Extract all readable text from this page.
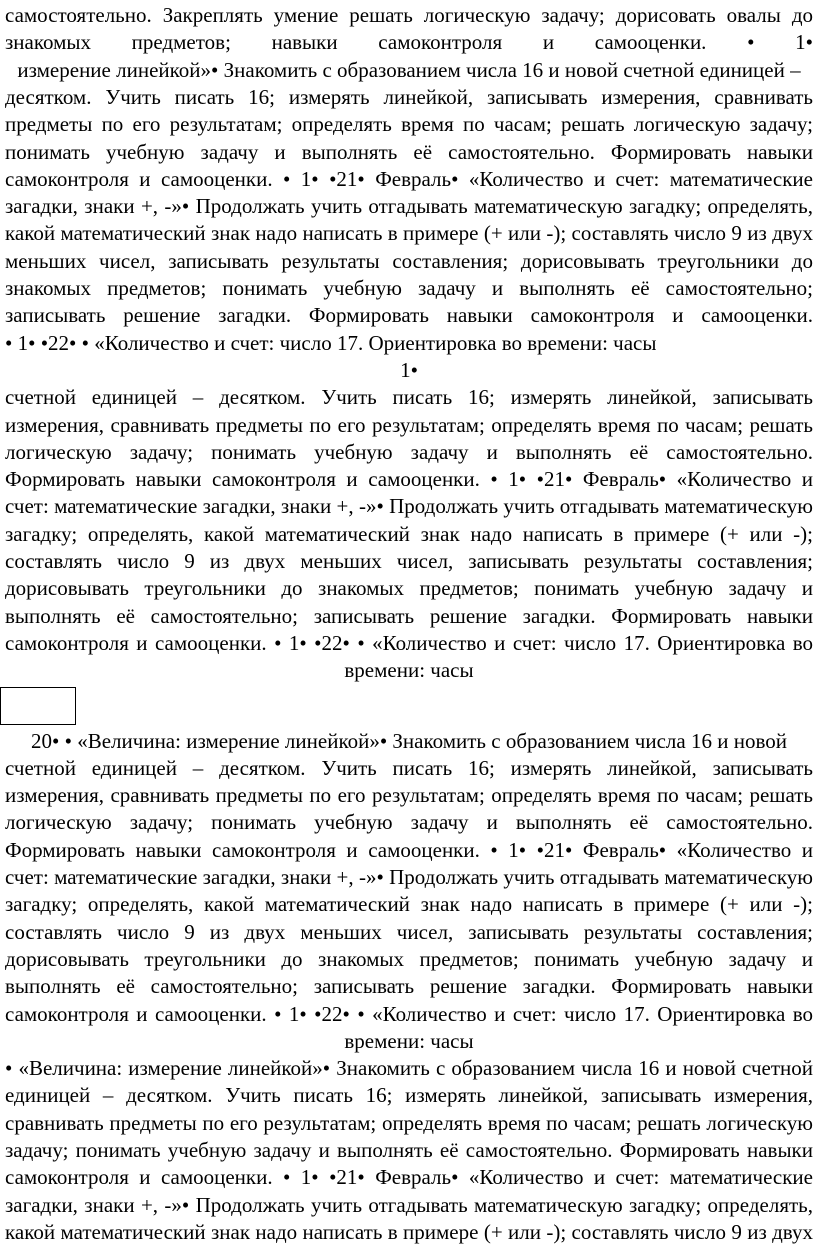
самостоятельно. Закреплять умение решать логическую задачу; дорисовать овалы до
знакомых предметов; навыки самоконтроля и самооценки. • 1•
измерение линейкой»• Знакомить с образованием числа 16 и новой счетной единицей –
десятком. Учить писать 16; измерять линейкой, записывать измерения, сравнивать
предметы по его результатам; определять время по часам; решать логическую задачу;
понимать учебную задачу и выполнять её самостоятельно. Формировать навыки
самоконтроля и самооценки. • 1• •21• Февраль• «Количество и счет: математические
загадки, знаки +, -»• Продолжать учить отгадывать математическую загадку; определять,
какой математический знак надо написать в примере (+ или -); составлять число 9 из двух
меньших чисел, записывать результаты составления; дорисовывать треугольники до
знакомых предметов; понимать учебную задачу и выполнять её самостоятельно;
записывать решение загадки. Формировать навыки самоконтроля и самооценки.
• 1• •22• • «Количество и счет: число 17. Ориентировка во времени: часы
1•
счетной единицей – десятком. Учить писать 16; измерять линейкой, записывать
измерения, сравнивать предметы по его результатам; определять время по часам; решать
логическую задачу; понимать учебную задачу и выполнять её самостоятельно.
Формировать навыки самоконтроля и самооценки. • 1• •21• Февраль• «Количество и
счет: математические загадки, знаки +, -»• Продолжать учить отгадывать математическую
загадку; определять, какой математический знак надо написать в примере (+ или -);
составлять число 9 из двух меньших чисел, записывать результаты составления;
дорисовывать треугольники до знакомых предметов; понимать учебную задачу и
выполнять её самостоятельно; записывать решение загадки. Формировать навыки
самоконтроля и самооценки. • 1• •22• • «Количество и счет: число 17. Ориентировка во
времени: часы
20• • «Величина: измерение линейкой»• Знакомить с образованием числа 16 и новой
счетной единицей – десятком. Учить писать 16; измерять линейкой, записывать
измерения, сравнивать предметы по его результатам; определять время по часам; решать
логическую задачу; понимать учебную задачу и выполнять её самостоятельно.
Формировать навыки самоконтроля и самооценки. • 1• •21• Февраль• «Количество и
счет: математические загадки, знаки +, -»• Продолжать учить отгадывать математическую
загадку; определять, какой математический знак надо написать в примере (+ или -);
составлять число 9 из двух меньших чисел, записывать результаты составления;
дорисовывать треугольники до знакомых предметов; понимать учебную задачу и
выполнять её самостоятельно; записывать решение загадки. Формировать навыки
самоконтроля и самооценки. • 1• •22• • «Количество и счет: число 17. Ориентировка во
времени: часы
• «Величина: измерение линейкой»• Знакомить с образованием числа 16 и новой счетной
единицей – десятком. Учить писать 16; измерять линейкой, записывать измерения,
сравнивать предметы по его результатам; определять время по часам; решать логическую
задачу; понимать учебную задачу и выполнять её самостоятельно. Формировать навыки
самоконтроля и самооценки. • 1• •21• Февраль• «Количество и счет: математические
загадки, знаки +, -»• Продолжать учить отгадывать математическую загадку; определять,
какой математический знак надо написать в примере (+ или -); составлять число 9 из двух
